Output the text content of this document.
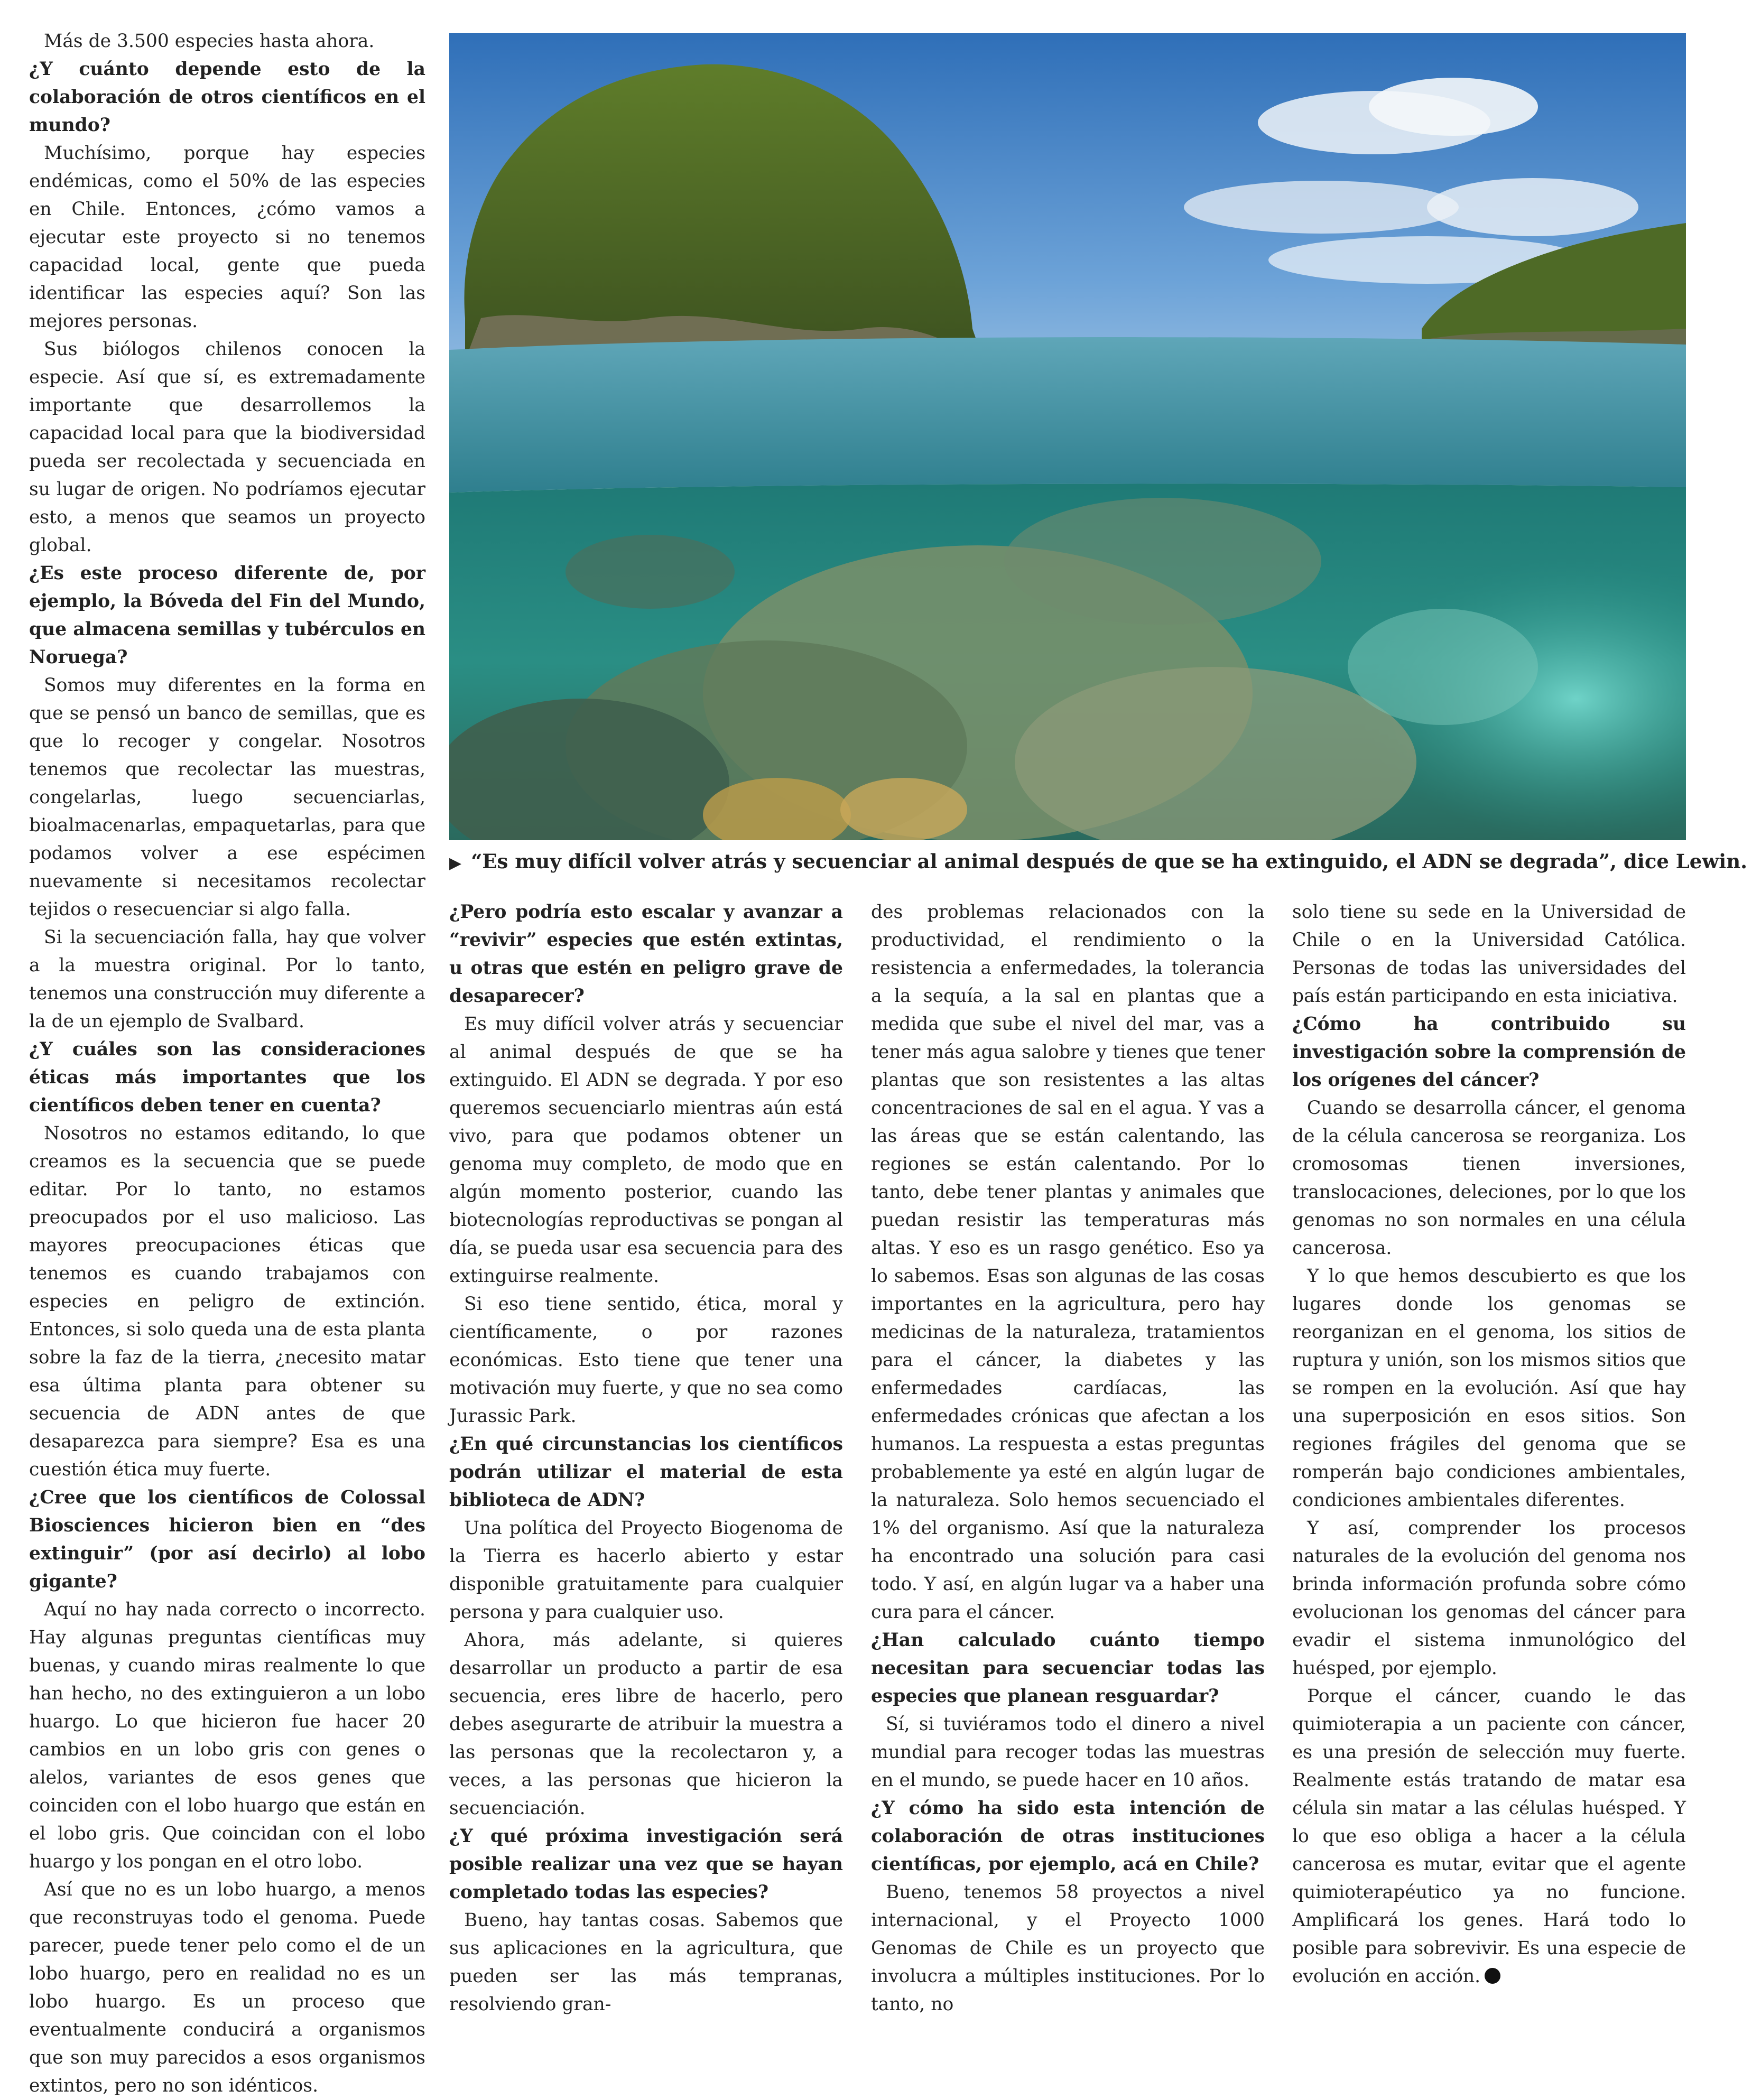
Más de 3.500 especies hasta ahora.

¿Y cuánto depende esto de la colaboración de otros científicos en el mundo?

Muchísimo, porque hay especies endémicas, como el 50% de las especies en Chile. Entonces, ¿cómo vamos a ejecutar este proyecto si no tenemos capacidad local, gente que pueda identificar las especies aquí? Son las mejores personas.

Sus biólogos chilenos conocen la especie. Así que sí, es extremadamente importante que desarrollemos la capacidad local para que la biodiversidad pueda ser recolectada y secuenciada en su lugar de origen. No podríamos ejecutar esto, a menos que seamos un proyecto global.

¿Es este proceso diferente de, por ejemplo, la Bóveda del Fin del Mundo, que almacena semillas y tubérculos en Noruega?

Somos muy diferentes en la forma en que se pensó un banco de semillas, que es que lo recoger y congelar. Nosotros tenemos que recolectar las muestras, congelarlas, luego secuenciarlas, bioalmacenarlas, empaquetarlas, para que podamos volver a ese espécimen nuevamente si necesitamos recolectar tejidos o resecuenciar si algo falla.

Si la secuenciación falla, hay que volver a la muestra original. Por lo tanto, tenemos una construcción muy diferente a la de un ejemplo de Svalbard.

¿Y cuáles son las consideraciones éticas más importantes que los científicos deben tener en cuenta?

Nosotros no estamos editando, lo que creamos es la secuencia que se puede editar. Por lo tanto, no estamos preocupados por el uso malicioso. Las mayores preocupaciones éticas que tenemos es cuando trabajamos con especies en peligro de extinción. Entonces, si solo queda una de esta planta sobre la faz de la tierra, ¿necesito matar esa última planta para obtener su secuencia de ADN antes de que desaparezca para siempre? Esa es una cuestión ética muy fuerte.

¿Cree que los científicos de Colossal Biosciences hicieron bien en “des extinguir” (por así decirlo) al lobo gigante?

Aquí no hay nada correcto o incorrecto. Hay algunas preguntas científicas muy buenas, y cuando miras realmente lo que han hecho, no des extinguieron a un lobo huargo. Lo que hicieron fue hacer 20 cambios en un lobo gris con genes o alelos, variantes de esos genes que coinciden con el lobo huargo que están en el lobo gris. Que coincidan con el lobo huargo y los pongan en el otro lobo.

Así que no es un lobo huargo, a menos que reconstruyas todo el genoma. Puede parecer, puede tener pelo como el de un lobo huargo, pero en realidad no es un lobo huargo. Es un proceso que eventualmente conducirá a organismos que son muy parecidos a esos organismos extintos, pero no son idénticos.

▶ “Es muy difícil volver atrás y secuenciar al animal después de que se ha extinguido, el ADN se degrada”, dice Lewin.

¿Pero podría esto escalar y avanzar a “revivir” especies que estén extintas, u otras que estén en peligro grave de desaparecer?

Es muy difícil volver atrás y secuenciar al animal después de que se ha extinguido. El ADN se degrada. Y por eso queremos secuenciarlo mientras aún está vivo, para que podamos obtener un genoma muy completo, de modo que en algún momento posterior, cuando las biotecnologías reproductivas se pongan al día, se pueda usar esa secuencia para des extinguirse realmente.

Si eso tiene sentido, ética, moral y científicamente, o por razones económicas. Esto tiene que tener una motivación muy fuerte, y que no sea como Jurassic Park.

¿En qué circunstancias los científicos podrán utilizar el material de esta biblioteca de ADN?

Una política del Proyecto Biogenoma de la Tierra es hacerlo abierto y estar disponible gratuitamente para cualquier persona y para cualquier uso.

Ahora, más adelante, si quieres desarrollar un producto a partir de esa secuencia, eres libre de hacerlo, pero debes asegurarte de atribuir la muestra a las personas que la recolectaron y, a veces, a las personas que hicieron la secuenciación.

¿Y qué próxima investigación será posible realizar una vez que se hayan completado todas las especies?

Bueno, hay tantas cosas. Sabemos que sus aplicaciones en la agricultura, que pueden ser las más tempranas, resolviendo gran-

des problemas relacionados con la productividad, el rendimiento o la resistencia a enfermedades, la tolerancia a la sequía, a la sal en plantas que a medida que sube el nivel del mar, vas a tener más agua salobre y tienes que tener plantas que son resistentes a las altas concentraciones de sal en el agua. Y vas a las áreas que se están calentando, las regiones se están calentando. Por lo tanto, debe tener plantas y animales que puedan resistir las temperaturas más altas. Y eso es un rasgo genético. Eso ya lo sabemos. Esas son algunas de las cosas importantes en la agricultura, pero hay medicinas de la naturaleza, tratamientos para el cáncer, la diabetes y las enfermedades cardíacas, las enfermedades crónicas que afectan a los humanos. La respuesta a estas preguntas probablemente ya esté en algún lugar de la naturaleza. Solo hemos secuenciado el 1% del organismo. Así que la naturaleza ha encontrado una solución para casi todo. Y así, en algún lugar va a haber una cura para el cáncer.

¿Han calculado cuánto tiempo necesitan para secuenciar todas las especies que planean resguardar?

Sí, si tuviéramos todo el dinero a nivel mundial para recoger todas las muestras en el mundo, se puede hacer en 10 años.

¿Y cómo ha sido esta intención de colaboración de otras instituciones científicas, por ejemplo, acá en Chile?

Bueno, tenemos 58 proyectos a nivel internacional, y el Proyecto 1000 Genomas de Chile es un proyecto que involucra a múltiples instituciones. Por lo tanto, no

solo tiene su sede en la Universidad de Chile o en la Universidad Católica. Personas de todas las universidades del país están participando en esta iniciativa.

¿Cómo ha contribuido su investigación sobre la comprensión de los orígenes del cáncer?

Cuando se desarrolla cáncer, el genoma de la célula cancerosa se reorganiza. Los cromosomas tienen inversiones, translocaciones, deleciones, por lo que los genomas no son normales en una célula cancerosa.

Y lo que hemos descubierto es que los lugares donde los genomas se reorganizan en el genoma, los sitios de ruptura y unión, son los mismos sitios que se rompen en la evolución. Así que hay una superposición en esos sitios. Son regiones frágiles del genoma que se romperán bajo condiciones ambientales, condiciones ambientales diferentes.

Y así, comprender los procesos naturales de la evolución del genoma nos brinda información profunda sobre cómo evolucionan los genomas del cáncer para evadir el sistema inmunológico del huésped, por ejemplo.

Porque el cáncer, cuando le das quimioterapia a un paciente con cáncer, es una presión de selección muy fuerte. Realmente estás tratando de matar esa célula sin matar a las células huésped. Y lo que eso obliga a hacer a la célula cancerosa es mutar, evitar que el agente quimioterapéutico ya no funcione. Amplificará los genes. Hará todo lo posible para sobrevivir. Es una especie de evolución en acción.
